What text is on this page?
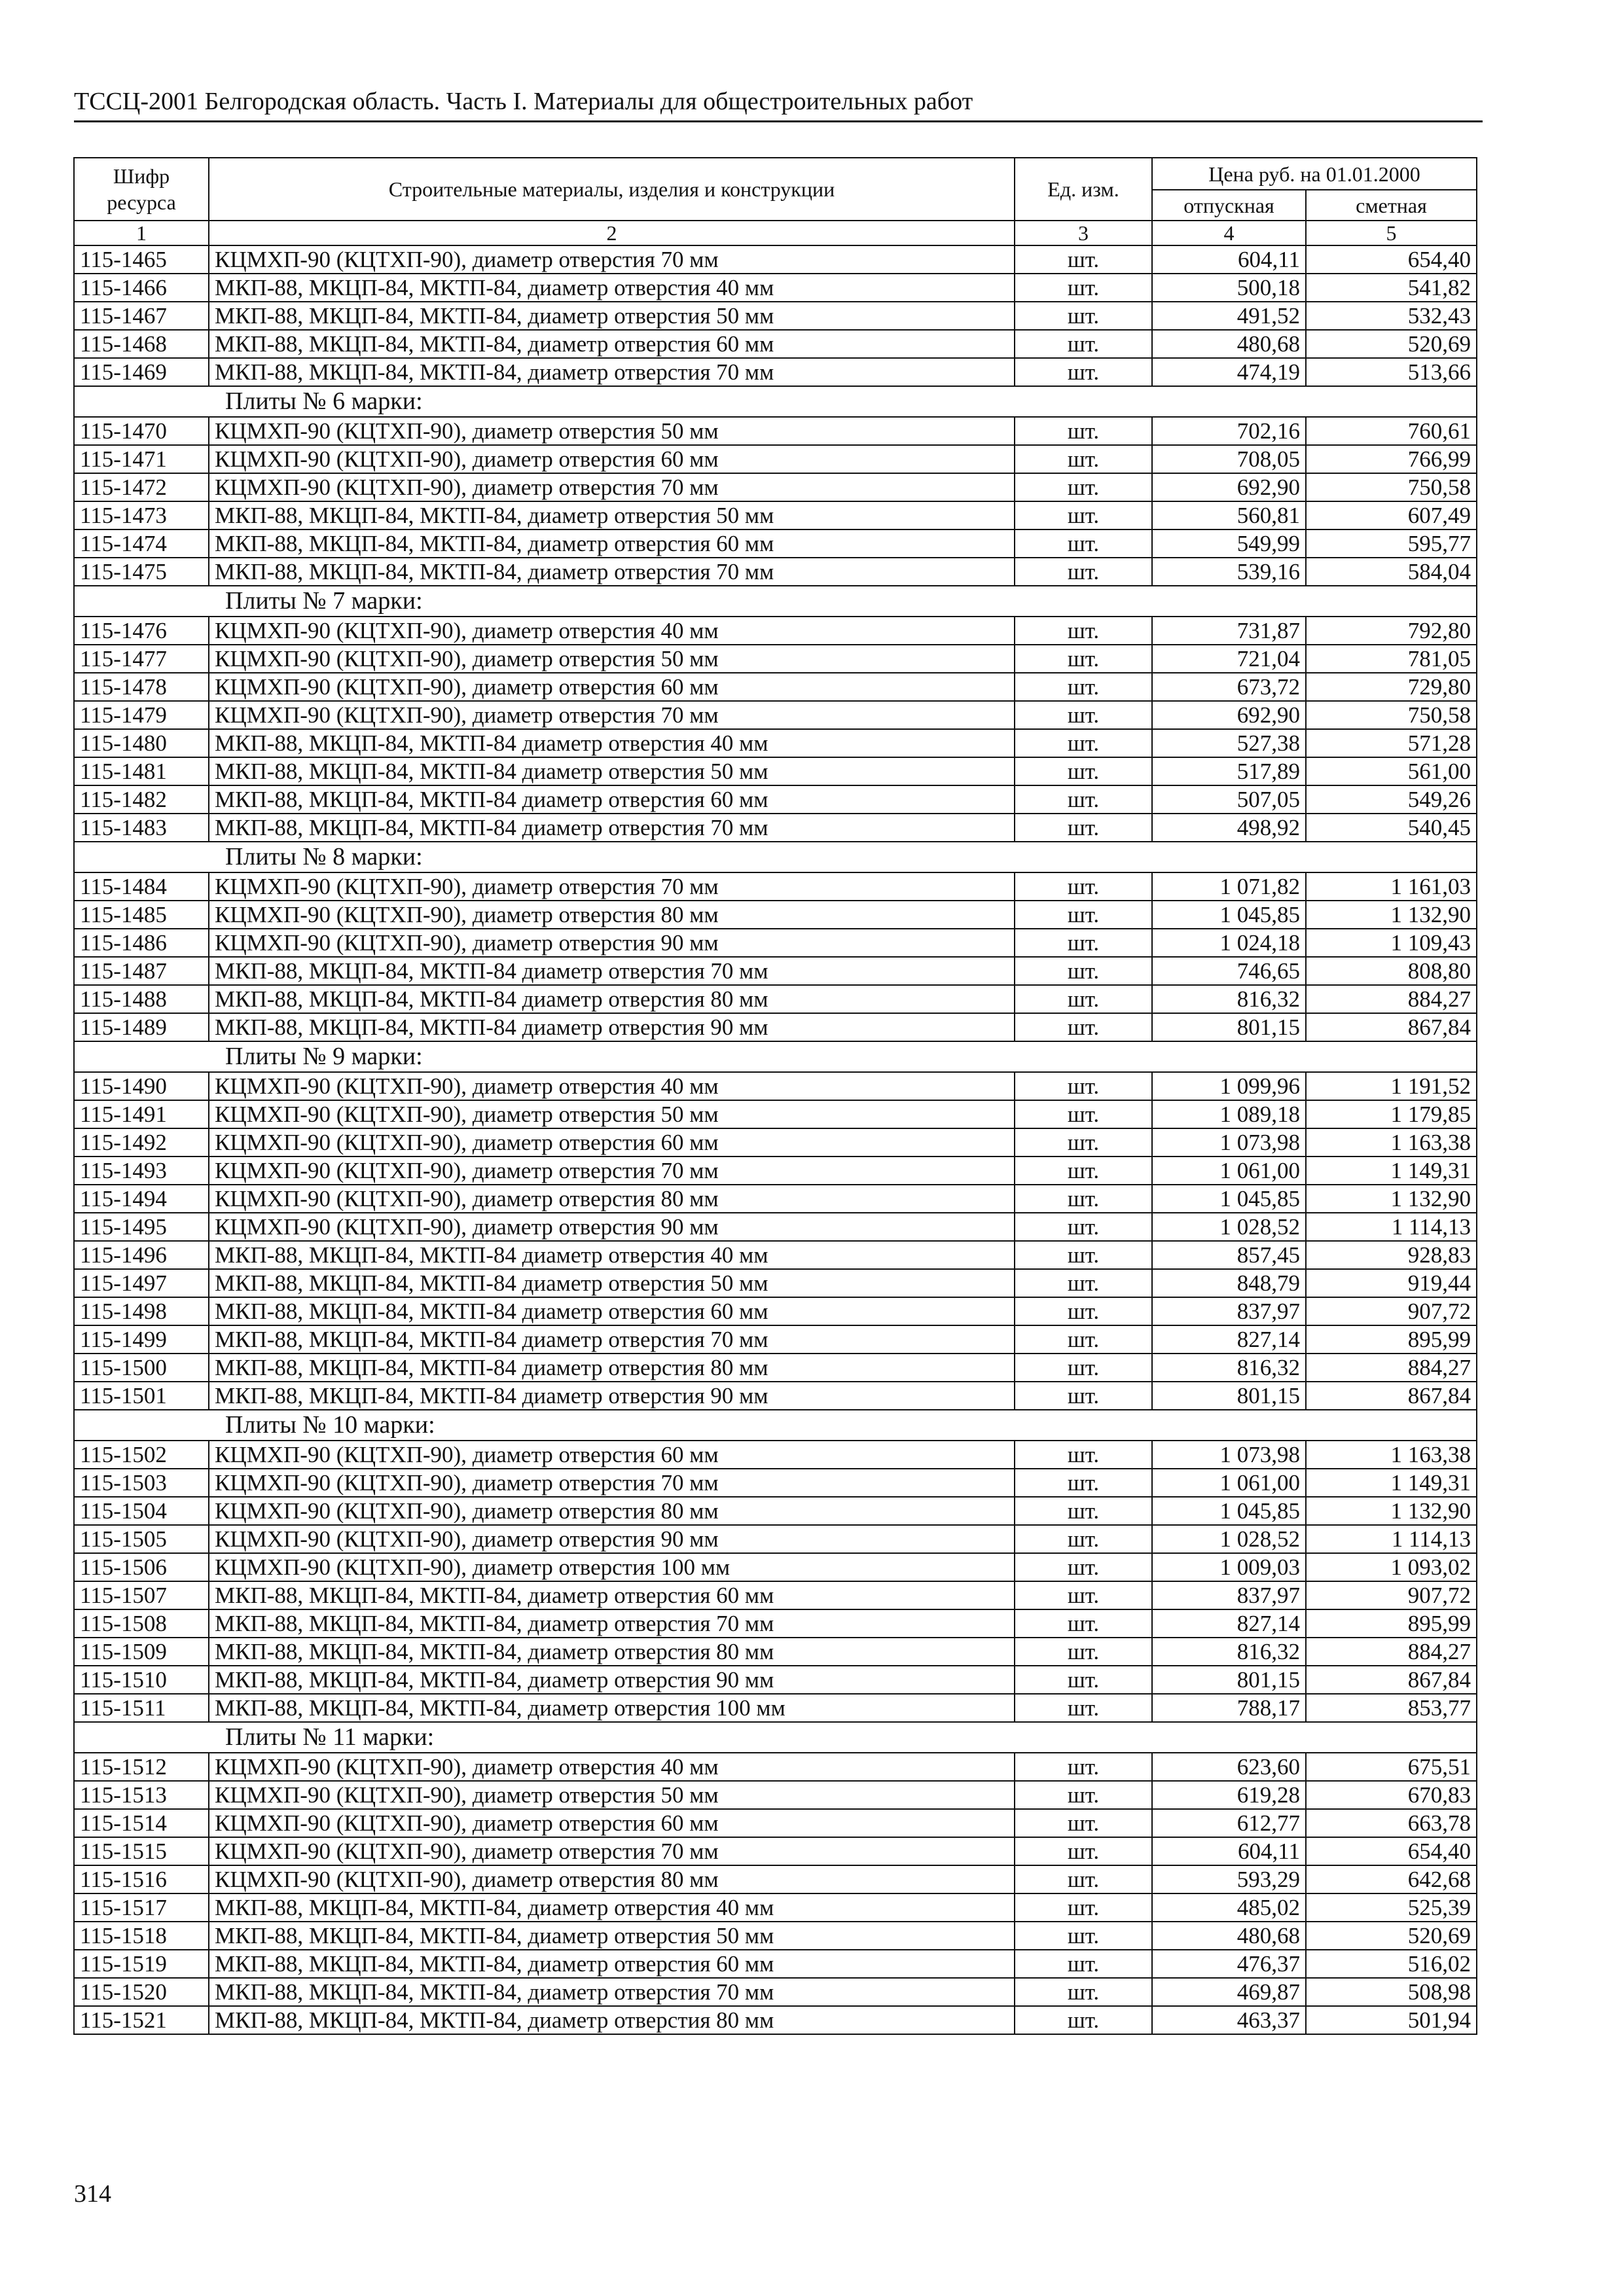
ТССЦ-2001 Белгородская область. Часть I. Материалы для общестроительных работ
Шифр ресурса	Строительные материалы, изделия и конструкции	Ед. изм.	Цена руб. на 01.01.2000	
			отпускная	сметная
1	2	3	4	5
115-1465	КЦМХП-90 (КЦТХП-90), диаметр отверстия 70 мм	шт.	604,11	654,40
115-1466	МКП-88, МКЦП-84, МКТП-84, диаметр отверстия 40 мм	шт.	500,18	541,82
115-1467	МКП-88, МКЦП-84, МКТП-84, диаметр отверстия 50 мм	шт.	491,52	532,43
115-1468	МКП-88, МКЦП-84, МКТП-84, диаметр отверстия 60 мм	шт.	480,68	520,69
115-1469	МКП-88, МКЦП-84, МКТП-84, диаметр отверстия 70 мм	шт.	474,19	513,66
Плиты № 6 марки:				
115-1470	КЦМХП-90 (КЦТХП-90), диаметр отверстия 50 мм	шт.	702,16	760,61
115-1471	КЦМХП-90 (КЦТХП-90), диаметр отверстия 60 мм	шт.	708,05	766,99
115-1472	КЦМХП-90 (КЦТХП-90), диаметр отверстия 70 мм	шт.	692,90	750,58
115-1473	МКП-88, МКЦП-84, МКТП-84, диаметр отверстия 50 мм	шт.	560,81	607,49
115-1474	МКП-88, МКЦП-84, МКТП-84, диаметр отверстия 60 мм	шт.	549,99	595,77
115-1475	МКП-88, МКЦП-84, МКТП-84, диаметр отверстия 70 мм	шт.	539,16	584,04
Плиты № 7 марки:				
115-1476	КЦМХП-90 (КЦТХП-90), диаметр отверстия 40 мм	шт.	731,87	792,80
115-1477	КЦМХП-90 (КЦТХП-90), диаметр отверстия 50 мм	шт.	721,04	781,05
115-1478	КЦМХП-90 (КЦТХП-90), диаметр отверстия 60 мм	шт.	673,72	729,80
115-1479	КЦМХП-90 (КЦТХП-90), диаметр отверстия 70 мм	шт.	692,90	750,58
115-1480	МКП-88, МКЦП-84, МКТП-84 диаметр отверстия 40 мм	шт.	527,38	571,28
115-1481	МКП-88, МКЦП-84, МКТП-84 диаметр отверстия 50 мм	шт.	517,89	561,00
115-1482	МКП-88, МКЦП-84, МКТП-84 диаметр отверстия 60 мм	шт.	507,05	549,26
115-1483	МКП-88, МКЦП-84, МКТП-84 диаметр отверстия 70 мм	шт.	498,92	540,45
Плиты № 8 марки:				
115-1484	КЦМХП-90 (КЦТХП-90), диаметр отверстия 70 мм	шт.	1 071,82	1 161,03
115-1485	КЦМХП-90 (КЦТХП-90), диаметр отверстия 80 мм	шт.	1 045,85	1 132,90
115-1486	КЦМХП-90 (КЦТХП-90), диаметр отверстия 90 мм	шт.	1 024,18	1 109,43
115-1487	МКП-88, МКЦП-84, МКТП-84 диаметр отверстия 70 мм	шт.	746,65	808,80
115-1488	МКП-88, МКЦП-84, МКТП-84 диаметр отверстия 80 мм	шт.	816,32	884,27
115-1489	МКП-88, МКЦП-84, МКТП-84 диаметр отверстия 90 мм	шт.	801,15	867,84
Плиты № 9 марки:				
115-1490	КЦМХП-90 (КЦТХП-90), диаметр отверстия 40 мм	шт.	1 099,96	1 191,52
115-1491	КЦМХП-90 (КЦТХП-90), диаметр отверстия 50 мм	шт.	1 089,18	1 179,85
115-1492	КЦМХП-90 (КЦТХП-90), диаметр отверстия 60 мм	шт.	1 073,98	1 163,38
115-1493	КЦМХП-90 (КЦТХП-90), диаметр отверстия 70 мм	шт.	1 061,00	1 149,31
115-1494	КЦМХП-90 (КЦТХП-90), диаметр отверстия 80 мм	шт.	1 045,85	1 132,90
115-1495	КЦМХП-90 (КЦТХП-90), диаметр отверстия 90 мм	шт.	1 028,52	1 114,13
115-1496	МКП-88, МКЦП-84, МКТП-84 диаметр отверстия 40 мм	шт.	857,45	928,83
115-1497	МКП-88, МКЦП-84, МКТП-84 диаметр отверстия 50 мм	шт.	848,79	919,44
115-1498	МКП-88, МКЦП-84, МКТП-84 диаметр отверстия 60 мм	шт.	837,97	907,72
115-1499	МКП-88, МКЦП-84, МКТП-84 диаметр отверстия 70 мм	шт.	827,14	895,99
115-1500	МКП-88, МКЦП-84, МКТП-84 диаметр отверстия 80 мм	шт.	816,32	884,27
115-1501	МКП-88, МКЦП-84, МКТП-84 диаметр отверстия 90 мм	шт.	801,15	867,84
Плиты № 10 марки:				
115-1502	КЦМХП-90 (КЦТХП-90), диаметр отверстия 60 мм	шт.	1 073,98	1 163,38
115-1503	КЦМХП-90 (КЦТХП-90), диаметр отверстия 70 мм	шт.	1 061,00	1 149,31
115-1504	КЦМХП-90 (КЦТХП-90), диаметр отверстия 80 мм	шт.	1 045,85	1 132,90
115-1505	КЦМХП-90 (КЦТХП-90), диаметр отверстия 90 мм	шт.	1 028,52	1 114,13
115-1506	КЦМХП-90 (КЦТХП-90), диаметр отверстия 100 мм	шт.	1 009,03	1 093,02
115-1507	МКП-88, МКЦП-84, МКТП-84, диаметр отверстия 60 мм	шт.	837,97	907,72
115-1508	МКП-88, МКЦП-84, МКТП-84, диаметр отверстия 70 мм	шт.	827,14	895,99
115-1509	МКП-88, МКЦП-84, МКТП-84, диаметр отверстия 80 мм	шт.	816,32	884,27
115-1510	МКП-88, МКЦП-84, МКТП-84, диаметр отверстия 90 мм	шт.	801,15	867,84
115-1511	МКП-88, МКЦП-84, МКТП-84, диаметр отверстия 100 мм	шт.	788,17	853,77
Плиты № 11 марки:				
115-1512	КЦМХП-90 (КЦТХП-90), диаметр отверстия 40 мм	шт.	623,60	675,51
115-1513	КЦМХП-90 (КЦТХП-90), диаметр отверстия 50 мм	шт.	619,28	670,83
115-1514	КЦМХП-90 (КЦТХП-90), диаметр отверстия 60 мм	шт.	612,77	663,78
115-1515	КЦМХП-90 (КЦТХП-90), диаметр отверстия 70 мм	шт.	604,11	654,40
115-1516	КЦМХП-90 (КЦТХП-90), диаметр отверстия 80 мм	шт.	593,29	642,68
115-1517	МКП-88, МКЦП-84, МКТП-84, диаметр отверстия 40 мм	шт.	485,02	525,39
115-1518	МКП-88, МКЦП-84, МКТП-84, диаметр отверстия 50 мм	шт.	480,68	520,69
115-1519	МКП-88, МКЦП-84, МКТП-84, диаметр отверстия 60 мм	шт.	476,37	516,02
115-1520	МКП-88, МКЦП-84, МКТП-84, диаметр отверстия 70 мм	шт.	469,87	508,98
115-1521	МКП-88, МКЦП-84, МКТП-84, диаметр отверстия 80 мм	шт.	463,37	501,94
314
